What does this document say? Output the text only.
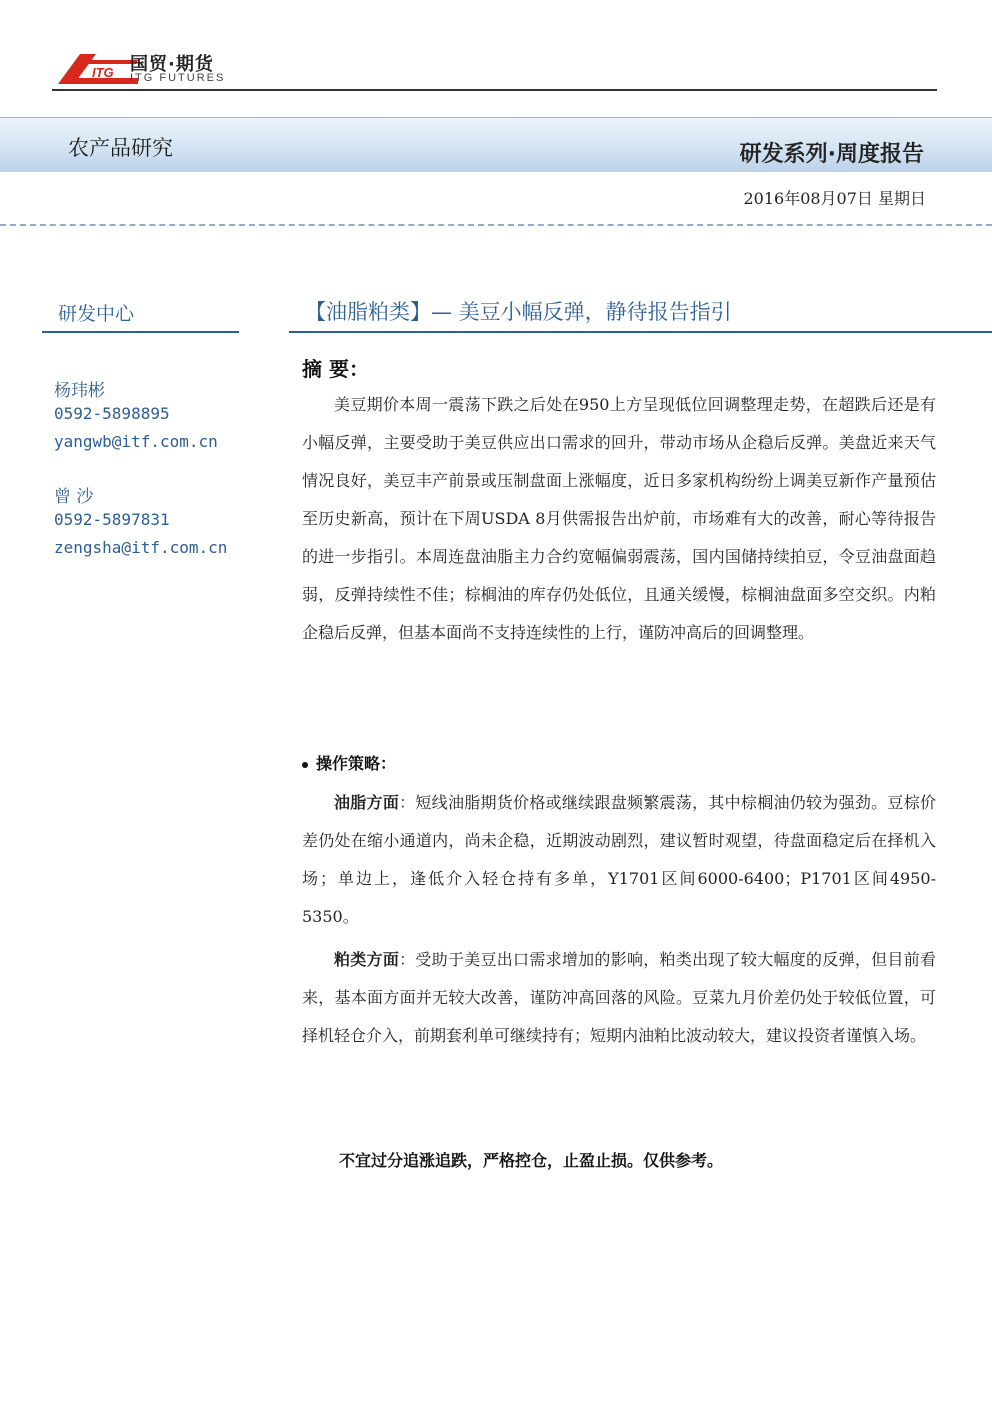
ITG 国贸·期货
ITG FUTURES
农产品研究	研发系列·周度报告
2016年08月07日 星期日
研发中心
杨玮彬
0592-5898895
yangwb@itf.com.cn
曾 沙
0592-5897831
zengsha@itf.com.cn
【油脂粕类】— 美豆小幅反弹，静待报告指引
摘 要：

美豆期价本周一震荡下跌之后处在950上方呈现低位回调整理走势，在超跌后还是有小幅反弹，主要受助于美豆供应出口需求的回升，带动市场从企稳后反弹。美盘近来天气情况良好，美豆丰产前景或压制盘面上涨幅度，近日多家机构纷纷上调美豆新作产量预估至历史新高，预计在下周USDA 8月供需报告出炉前，市场难有大的改善，耐心等待报告的进一步指引。本周连盘油脂主力合约宽幅偏弱震荡，国内国储持续拍豆，令豆油盘面趋弱，反弹持续性不佳；棕榈油的库存仍处低位，且通关缓慢，棕榈油盘面多空交织。内粕企稳后反弹，但基本面尚不支持连续性的上行，谨防冲高后的回调整理。

操作策略：

油脂方面：短线油脂期货价格或继续跟盘频繁震荡，其中棕榈油仍较为强劲。豆棕价差仍处在缩小通道内，尚未企稳，近期波动剧烈，建议暂时观望，待盘面稳定后在择机入场；单边上，逢低介入轻仓持有多单，Y1701区间6000-6400；P1701区间4950-5350。

粕类方面：受助于美豆出口需求增加的影响，粕类出现了较大幅度的反弹，但目前看来，基本面方面并无较大改善，谨防冲高回落的风险。豆菜九月价差仍处于较低位置，可择机轻仓介入，前期套利单可继续持有；短期内油粕比波动较大，建议投资者谨慎入场。

不宜过分追涨追跌，严格控仓，止盈止损。仅供参考。
